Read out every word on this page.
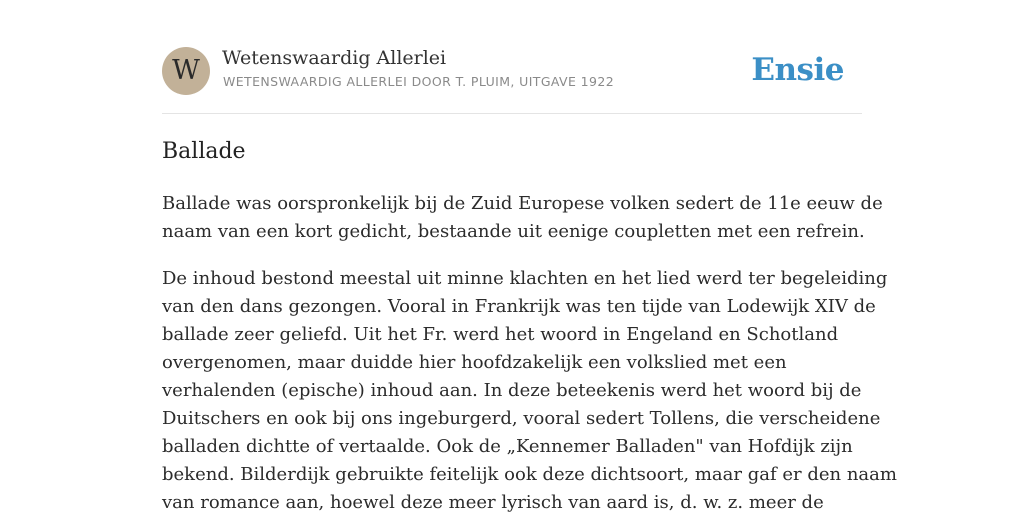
W	Wetenswaardig Allerlei
WETENSWAARDIG ALLERLEI DOOR T. PLUIM, UITGAVE 1922	Ensie
Ballade

Ballade was oorspronkelijk bij de Zuid Europese volken sedert de 11e eeuw de
naam van een kort gedicht, bestaande uit eenige coupletten met een refrein.

De inhoud bestond meestal uit minne klachten en het lied werd ter begeleiding
van den dans gezongen. Vooral in Frankrijk was ten tijde van Lodewijk XIV de
ballade zeer geliefd. Uit het Fr. werd het woord in Engeland en Schotland
overgenomen, maar duidde hier hoofdzakelijk een volkslied met een
verhalenden (epische) inhoud aan. In deze beteekenis werd het woord bij de
Duitschers en ook bij ons ingeburgerd, vooral sedert Tollens, die verscheidene
balladen dichtte of vertaalde. Ook de „Kennemer Balladen" van Hofdijk zijn
bekend. Bilderdijk gebruikte feitelijk ook deze dichtsoort, maar gaf er den naam
van romance aan, hoewel deze meer lyrisch van aard is, d. w. z. meer de
